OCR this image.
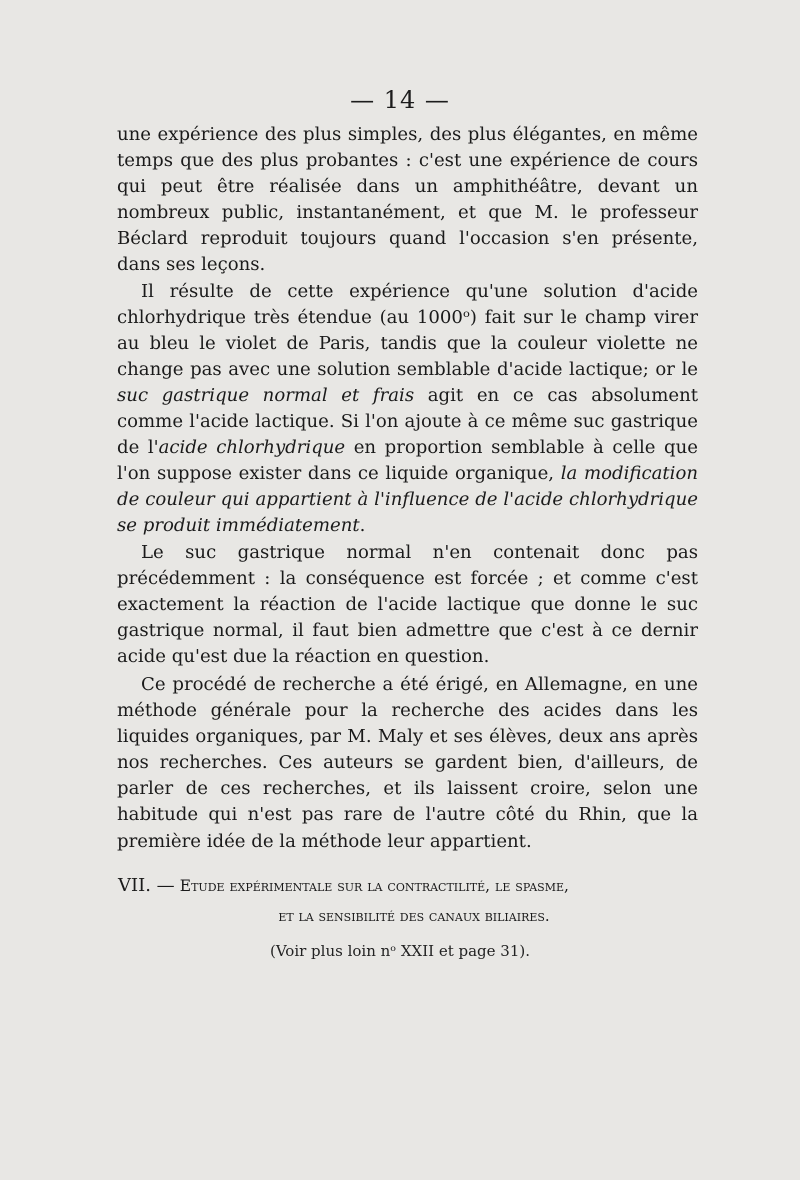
— 14 —

une expérience des plus simples, des plus élégantes, en même temps que des plus probantes : c'est une expérience de cours qui peut être réalisée dans un amphithéâtre, devant un nombreux public, instantanément, et que M. le professeur Béclard reproduit toujours quand l'occasion s'en présente, dans ses leçons.

Il résulte de cette expérience qu'une solution d'acide chlorhydrique très étendue (au 1000ᵒ) fait sur le champ virer au bleu le violet de Paris, tandis que la couleur violette ne change pas avec une solution semblable d'acide lactique; or le suc gastrique normal et frais agit en ce cas absolument comme l'acide lactique. Si l'on ajoute à ce même suc gastrique de l'acide chlorhydrique en proportion semblable à celle que l'on suppose exister dans ce liquide organique, la modification de couleur qui appartient à l'influence de l'acide chlorhydrique se produit immédiatement.

Le suc gastrique normal n'en contenait donc pas précédemment : la conséquence est forcée ; et comme c'est exactement la réaction de l'acide lactique que donne le suc gastrique normal, il faut bien admettre que c'est à ce dernir acide qu'est due la réaction en question.

Ce procédé de recherche a été érigé, en Allemagne, en une méthode générale pour la recherche des acides dans les liquides organiques, par M. Maly et ses élèves, deux ans après nos recherches. Ces auteurs se gardent bien, d'ailleurs, de parler de ces recherches, et ils laissent croire, selon une habitude qui n'est pas rare de l'autre côté du Rhin, que la première idée de la méthode leur appartient.

VII. — Etude expérimentale sur la contractilité, le spasme,
et la sensibilité des canaux biliaires.
(Voir plus loin nᵒ XXII et page 31).
